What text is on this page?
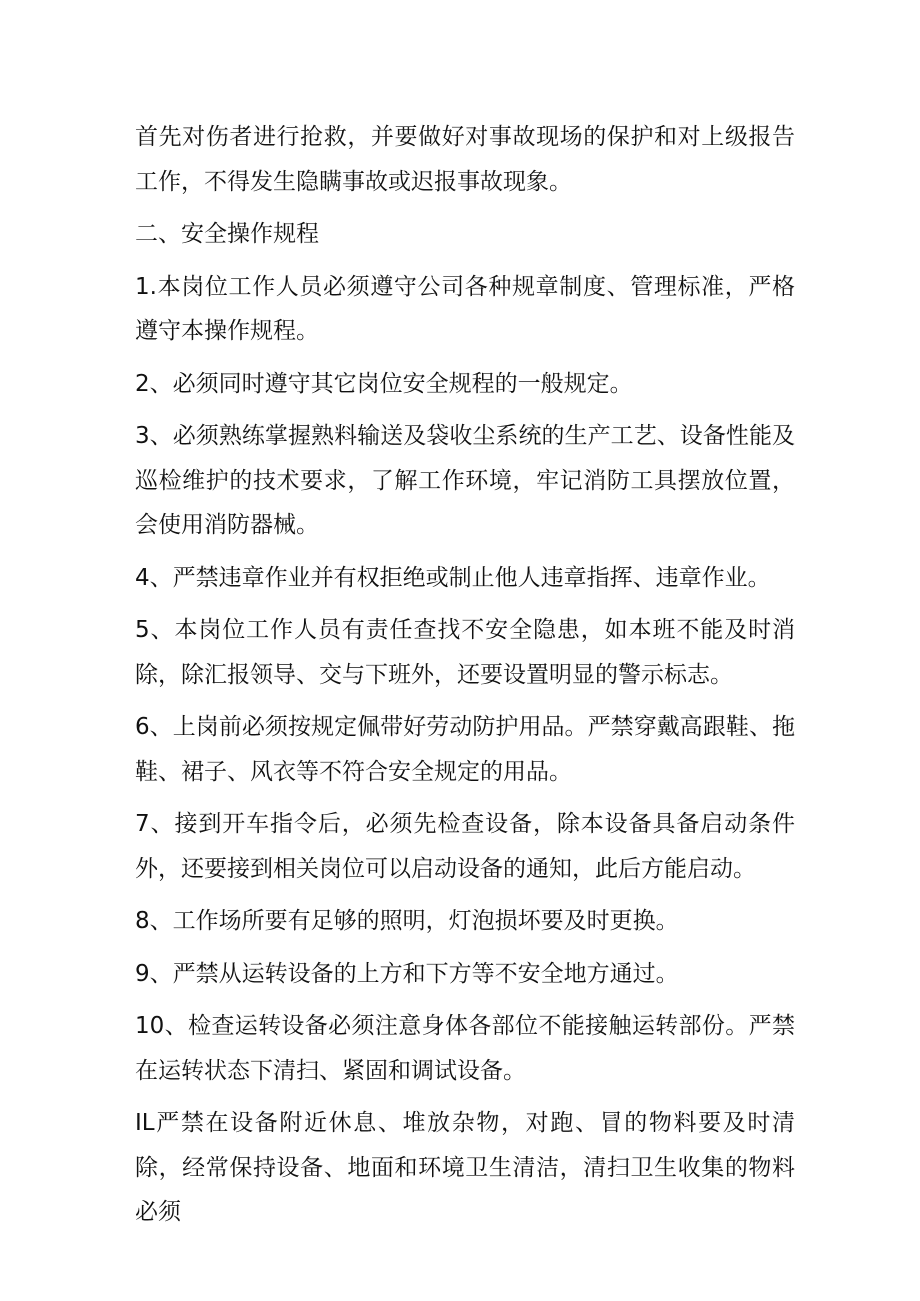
首先对伤者进行抢救，并要做好对事故现场的保护和对上级报告工作，不得发生隐瞒事故或迟报事故现象。

二、安全操作规程

1.本岗位工作人员必须遵守公司各种规章制度、管理标准，严格遵守本操作规程。

2、必须同时遵守其它岗位安全规程的一般规定。

3、必须熟练掌握熟料输送及袋收尘系统的生产工艺、设备性能及巡检维护的技术要求，了解工作环境，牢记消防工具摆放位置，会使用消防器械。

4、严禁违章作业并有权拒绝或制止他人违章指挥、违章作业。

5、本岗位工作人员有责任查找不安全隐患，如本班不能及时消除，除汇报领导、交与下班外，还要设置明显的警示标志。

6、上岗前必须按规定佩带好劳动防护用品。严禁穿戴高跟鞋、拖鞋、裙子、风衣等不符合安全规定的用品。

7、接到开车指令后，必须先检查设备，除本设备具备启动条件外，还要接到相关岗位可以启动设备的通知，此后方能启动。

8、工作场所要有足够的照明，灯泡损坏要及时更换。

9、严禁从运转设备的上方和下方等不安全地方通过。

10、检查运转设备必须注意身体各部位不能接触运转部份。严禁在运转状态下清扫、紧固和调试设备。

IL严禁在设备附近休息、堆放杂物，对跑、冒的物料要及时清除，经常保持设备、地面和环境卫生清洁，清扫卫生收集的物料必须
